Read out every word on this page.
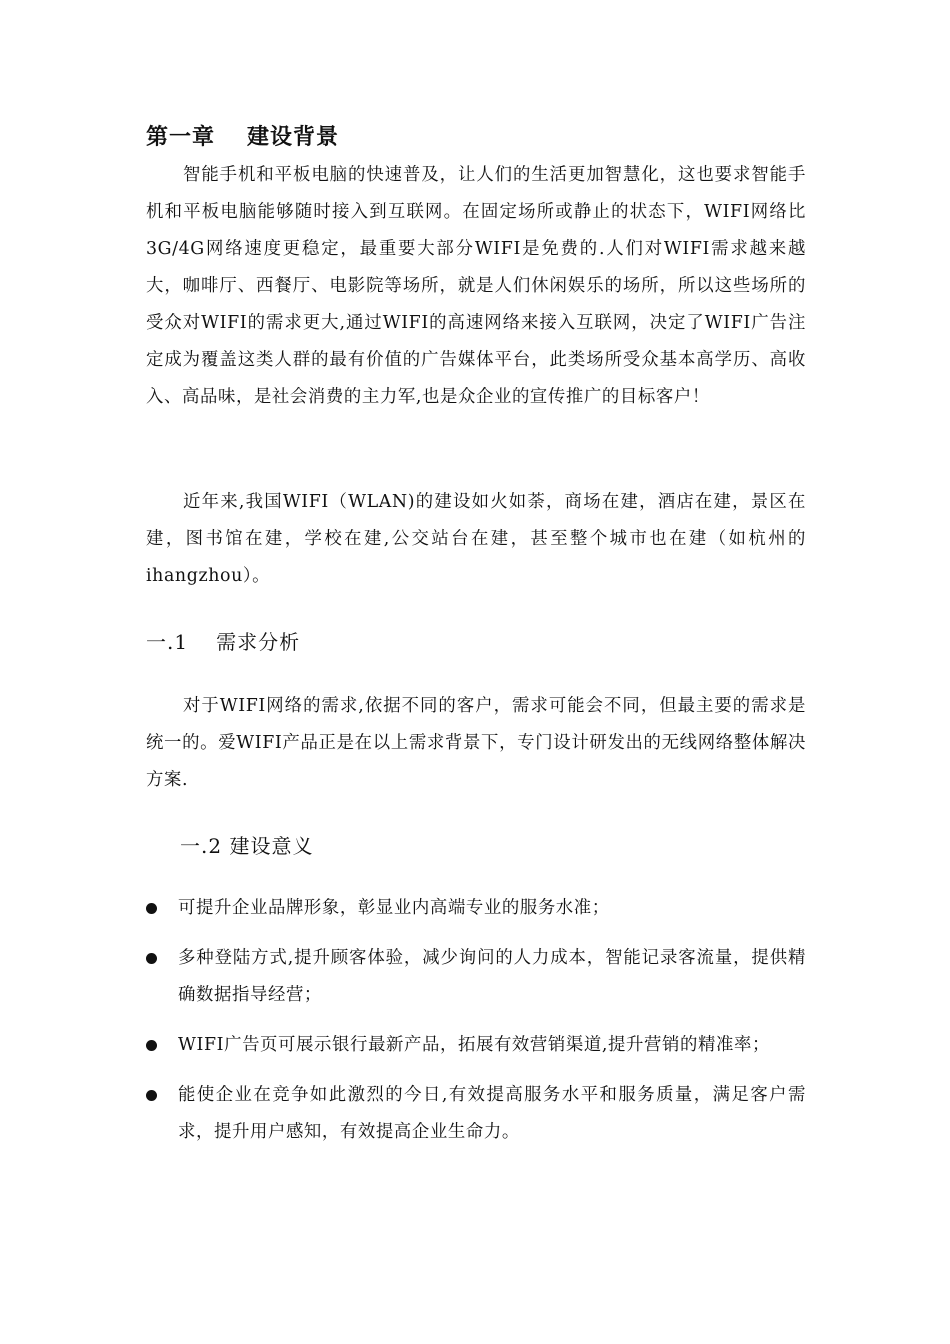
第一章 建设背景

智能手机和平板电脑的快速普及，让人们的生活更加智慧化，这也要求智能手机和平板电脑能够随时接入到互联网。在固定场所或静止的状态下，WIFI网络比3G/4G网络速度更稳定，最重要大部分WIFI是免费的.人们对WIFI需求越来越大，咖啡厅、西餐厅、电影院等场所，就是人们休闲娱乐的场所，所以这些场所的受众对WIFI的需求更大,通过WIFI的高速网络来接入互联网，决定了WIFI广告注定成为覆盖这类人群的最有价值的广告媒体平台，此类场所受众基本高学历、高收入、高品味，是社会消费的主力军,也是众企业的宣传推广的目标客户！

近年来,我国WIFI（WLAN)的建设如火如荼，商场在建，酒店在建，景区在建，图书馆在建，学校在建,公交站台在建，甚至整个城市也在建（如杭州的ihangzhou）。

一.1 需求分析

对于WIFI网络的需求,依据不同的客户，需求可能会不同，但最主要的需求是统一的。爱WIFI产品正是在以上需求背景下，专门设计研发出的无线网络整体解决方案.

一.2 建设意义
可提升企业品牌形象，彰显业内高端专业的服务水准；
多种登陆方式,提升顾客体验，减少询问的人力成本，智能记录客流量，提供精确数据指导经营；
WIFI广告页可展示银行最新产品，拓展有效营销渠道,提升营销的精准率；
能使企业在竞争如此激烈的今日,有效提高服务水平和服务质量，满足客户需求，提升用户感知，有效提高企业生命力。
